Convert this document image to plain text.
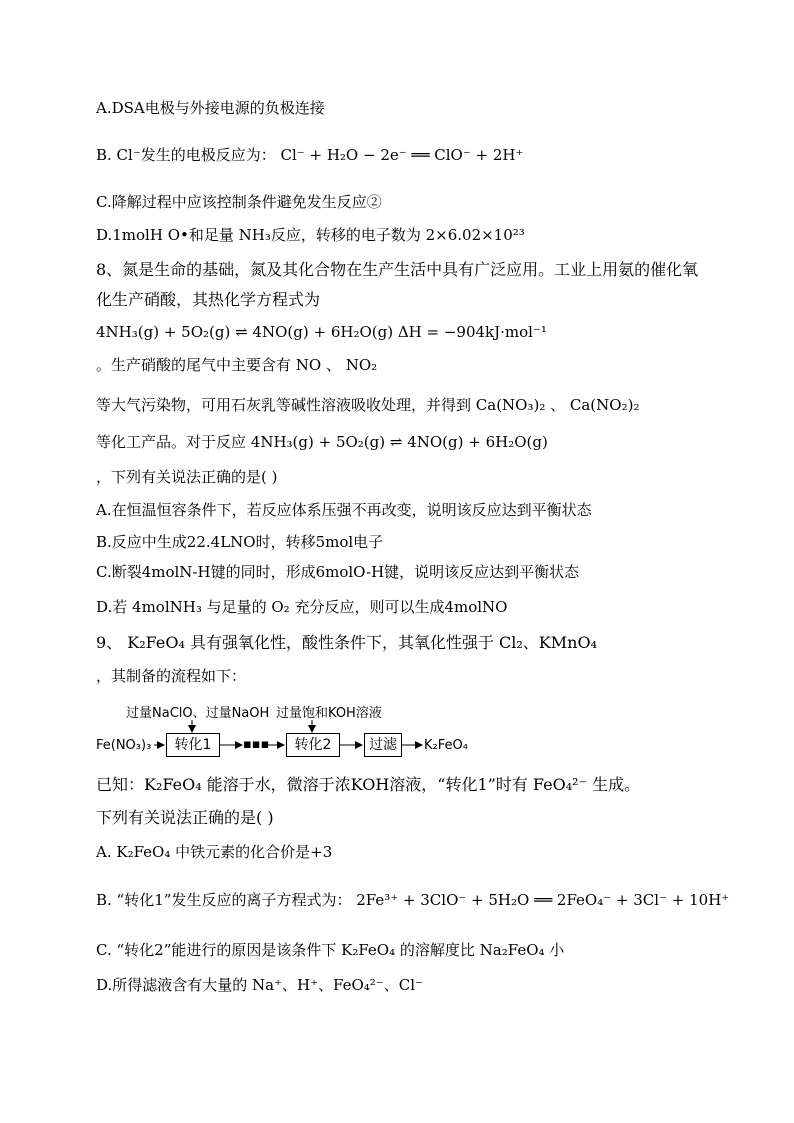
A.DSA电极与外接电源的负极连接
B. Cl⁻发生的电极反应为： Cl⁻ + H₂O − 2e⁻ ══ ClO⁻ + 2H⁺
C.降解过程中应该控制条件避免发生反应②
D.1molH O•和足量 NH₃反应，转移的电子数为 2×6.02×10²³
8、氮是生命的基础，氮及其化合物在生产生活中具有广泛应用。工业上用氨的催化氧
化生产硝酸，其热化学方程式为
4NH₃(g) + 5O₂(g) ⇌ 4NO(g) + 6H₂O(g) ΔH = −904kJ·mol⁻¹
。生产硝酸的尾气中主要含有 NO 、 NO₂
等大气污染物，可用石灰乳等碱性溶液吸收处理，并得到 Ca(NO₃)₂ 、 Ca(NO₂)₂
等化工产品。对于反应 4NH₃(g) + 5O₂(g) ⇌ 4NO(g) + 6H₂O(g)
，下列有关说法正确的是( )
A.在恒温恒容条件下，若反应体系压强不再改变，说明该反应达到平衡状态
B.反应中生成22.4LNO时，转移5mol电子
C.断裂4molN-H键的同时，形成6molO-H键，说明该反应达到平衡状态
D.若 4molNH₃ 与足量的 O₂ 充分反应，则可以生成4molNO
9、 K₂FeO₄ 具有强氧化性，酸性条件下，其氧化性强于 Cl₂、KMnO₄
，其制备的流程如下：
过量NaClO、过量NaOH 过量饱和KOH溶液
Fe(NO₃)₃	转化1	▪▪▪	转化2	过滤	K₂FeO₄
已知：K₂FeO₄ 能溶于水，微溶于浓KOH溶液，“转化1”时有 FeO₄²⁻ 生成。
下列有关说法正确的是( )
A. K₂FeO₄ 中铁元素的化合价是+3
B. “转化1”发生反应的离子方程式为： 2Fe³⁺ + 3ClO⁻ + 5H₂O ══ 2FeO₄⁻ + 3Cl⁻ + 10H⁺
C. “转化2”能进行的原因是该条件下 K₂FeO₄ 的溶解度比 Na₂FeO₄ 小
D.所得滤液含有大量的 Na⁺、H⁺、FeO₄²⁻、Cl⁻
